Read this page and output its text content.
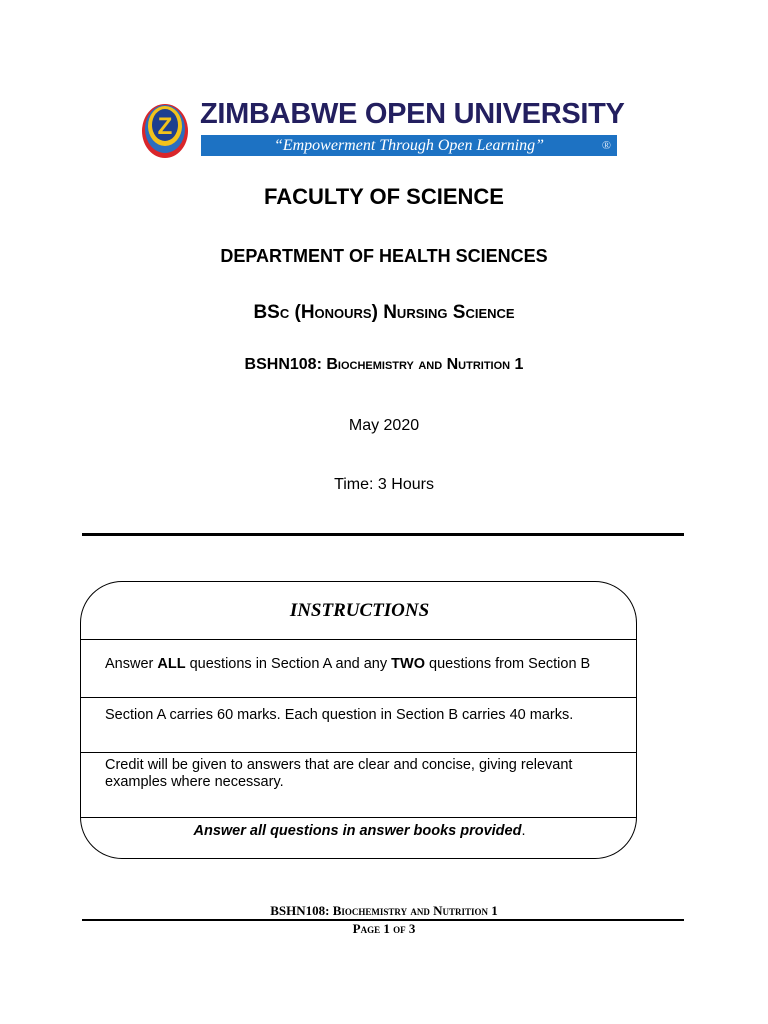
Z ZIMBABWE OPEN UNIVERSITY
“Empowerment Through Open Learning”	®
FACULTY OF SCIENCE
DEPARTMENT OF HEALTH SCIENCES
BSc (Honours) Nursing Science
BSHN108: Biochemistry and Nutrition 1
May 2020
Time: 3 Hours
INSTRUCTIONS
Answer ALL questions in Section A and any TWO questions from Section B
Section A carries 60 marks. Each question in Section B carries 40 marks.
Credit will be given to answers that are clear and concise, giving relevant examples where necessary.
Answer all questions in answer books provided.
BSHN108: Biochemistry and Nutrition 1
Page 1 of 3
